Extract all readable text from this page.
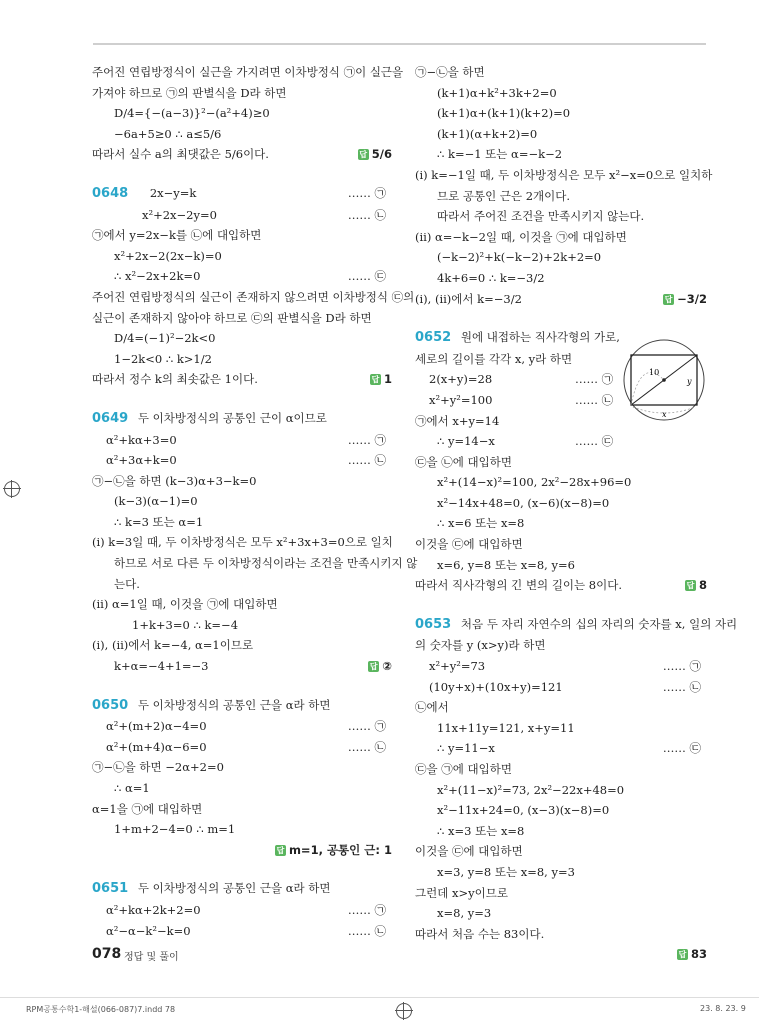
주어진 연립방정식이 실근을 가지려면 이차방정식 ㉠이 실근을
가져야 하므로 ㉠의 판별식을 D라 하면
D/4={−(a−3)}²−(a²+4)≥0
−6a+5≥0 ∴ a≤5/6
따라서 실수 a의 최댓값은 5/6이다.	답 5/6
0648 2x−y=k	…… ㉠
x²+2x−2y=0	…… ㉡
㉠에서 y=2x−k를 ㉡에 대입하면
x²+2x−2(2x−k)=0
∴ x²−2x+2k=0	…… ㉢
주어진 연립방정식의 실근이 존재하지 않으려면 이차방정식 ㉢의
실근이 존재하지 않아야 하므로 ㉢의 판별식을 D라 하면
D/4=(−1)²−2k<0
1−2k<0 ∴ k>1/2
따라서 정수 k의 최솟값은 1이다.	답 1
0649 두 이차방정식의 공통인 근이 α이므로
α²+kα+3=0	…… ㉠
α²+3α+k=0	…… ㉡
㉠−㉡을 하면 (k−3)α+3−k=0
(k−3)(α−1)=0
∴ k=3 또는 α=1
(ⅰ) k=3일 때, 두 이차방정식은 모두 x²+3x+3=0으로 일치
하므로 서로 다른 두 이차방정식이라는 조건을 만족시키지 않
는다.
(ⅱ) α=1일 때, 이것을 ㉠에 대입하면
1+k+3=0 ∴ k=−4
(ⅰ), (ⅱ)에서 k=−4, α=1이므로
k+α=−4+1=−3	답 ②
0650 두 이차방정식의 공통인 근을 α라 하면
α²+(m+2)α−4=0	…… ㉠
α²+(m+4)α−6=0	…… ㉡
㉠−㉡을 하면 −2α+2=0
∴ α=1
α=1을 ㉠에 대입하면
1+m+2−4=0 ∴ m=1
답 m=1, 공통인 근: 1
0651 두 이차방정식의 공통인 근을 α라 하면
α²+kα+2k+2=0	…… ㉠
α²−α−k²−k=0	…… ㉡
㉠−㉡을 하면
(k+1)α+k²+3k+2=0
(k+1)α+(k+1)(k+2)=0
(k+1)(α+k+2)=0
∴ k=−1 또는 α=−k−2
(ⅰ) k=−1일 때, 두 이차방정식은 모두 x²−x=0으로 일치하
므로 공통인 근은 2개이다.
따라서 주어진 조건을 만족시키지 않는다.
(ⅱ) α=−k−2일 때, 이것을 ㉠에 대입하면
(−k−2)²+k(−k−2)+2k+2=0
4k+6=0 ∴ k=−3/2
(ⅰ), (ⅱ)에서 k=−3/2	답 −3/2
0652 원에 내접하는 직사각형의 가로,
세로의 길이를 각각 x, y라 하면
2(x+y)=28	…… ㉠
x²+y²=100	…… ㉡
㉠에서 x+y=14
∴ y=14−x	…… ㉢
㉢을 ㉡에 대입하면
x²+(14−x)²=100, 2x²−28x+96=0
x²−14x+48=0, (x−6)(x−8)=0
∴ x=6 또는 x=8
이것을 ㉢에 대입하면
x=6, y=8 또는 x=8, y=6
따라서 직사각형의 긴 변의 길이는 8이다.	답 8
0653 처음 두 자리 자연수의 십의 자리의 숫자를 x, 일의 자리
의 숫자를 y (x>y)라 하면
x²+y²=73	…… ㉠
(10y+x)+(10x+y)=121	…… ㉡
㉡에서
11x+11y=121, x+y=11
∴ y=11−x	…… ㉢
㉢을 ㉠에 대입하면
x²+(11−x)²=73, 2x²−22x+48=0
x²−11x+24=0, (x−3)(x−8)=0
∴ x=3 또는 x=8
이것을 ㉢에 대입하면
x=3, y=8 또는 x=8, y=3
그런데 x>y이므로
x=8, y=3
따라서 처음 수는 83이다.
답 83
10
y
x
078 정답 및 풀이
RPM공통수학1-해설(066-087)7.indd 78	23. 8. 23. 9
